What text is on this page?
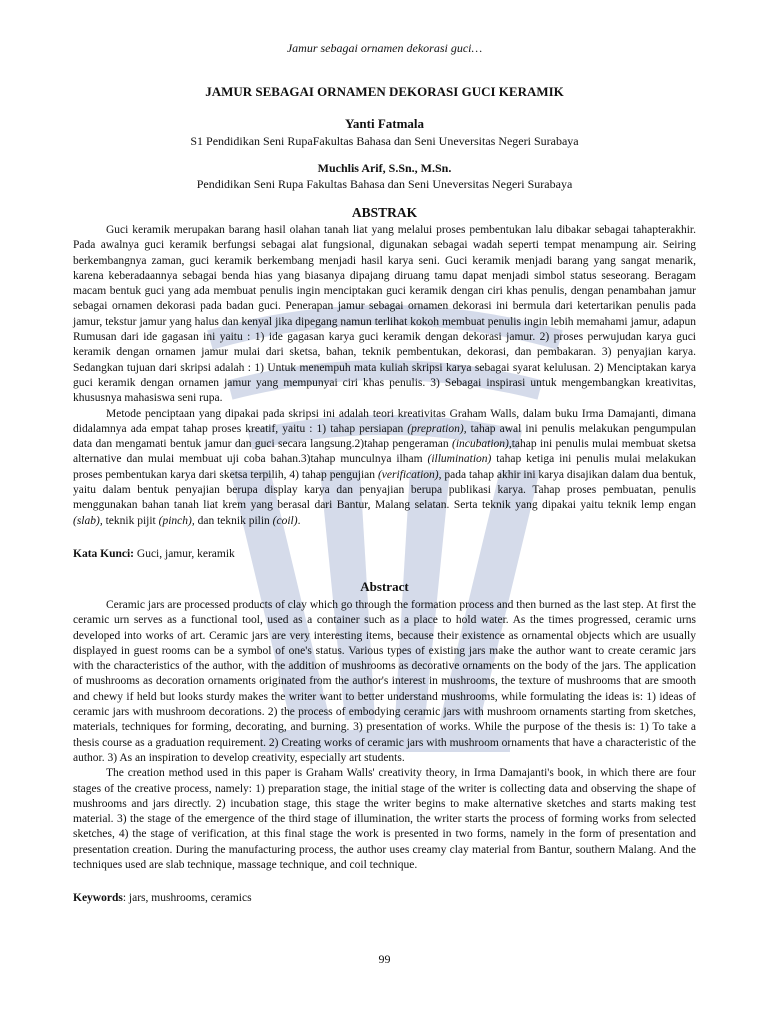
Jamur sebagai ornamen dekorasi guci…
JAMUR SEBAGAI ORNAMEN DEKORASI GUCI KERAMIK
Yanti Fatmala
S1 Pendidikan Seni RupaFakultas Bahasa dan Seni Uneversitas Negeri Surabaya
Muchlis Arif, S.Sn., M.Sn.
Pendidikan Seni Rupa Fakultas Bahasa dan Seni Uneversitas Negeri Surabaya
ABSTRAK

Guci keramik merupakan barang hasil olahan tanah liat yang melalui proses pembentukan lalu dibakar sebagai tahapterakhir. Pada awalnya guci keramik berfungsi sebagai alat fungsional, digunakan sebagai wadah seperti tempat menampung air. Seiring berkembangnya zaman, guci keramik berkembang menjadi hasil karya seni. Guci keramik menjadi barang yang sangat menarik, karena keberadaannya sebagai benda hias yang biasanya dipajang diruang tamu dapat menjadi simbol status seseorang. Beragam macam bentuk guci yang ada membuat penulis ingin menciptakan guci keramik dengan ciri khas penulis, dengan penambahan jamur sebagai ornamen dekorasi pada badan guci. Penerapan jamur sebagai ornamen dekorasi ini bermula dari ketertarikan penulis pada jamur, tekstur jamur yang halus dan kenyal jika dipegang namun terlihat kokoh membuat penulis ingin lebih memahami jamur, adapun Rumusan dari ide gagasan ini yaitu : 1) ide gagasan karya guci keramik dengan dekorasi jamur. 2) proses perwujudan karya guci keramik dengan ornamen jamur mulai dari sketsa, bahan, teknik pembentukan, dekorasi, dan pembakaran. 3) penyajian karya. Sedangkan tujuan dari skripsi adalah : 1) Untuk menempuh mata kuliah skripsi karya sebagai syarat kelulusan. 2) Menciptakan karya guci keramik dengan ornamen jamur yang mempunyai ciri khas penulis. 3) Sebagai inspirasi untuk mengembangkan kreativitas, khususnya mahasiswa seni rupa.

Metode penciptaan yang dipakai pada skripsi ini adalah teori kreativitas Graham Walls, dalam buku Irma Damajanti, dimana didalamnya ada empat tahap proses kreatif, yaitu : 1) tahap persiapan (prepration), tahap awal ini penulis melakukan pengumpulan data dan mengamati bentuk jamur dan guci secara langsung.2)tahap pengeraman (incubation),tahap ini penulis mulai membuat sketsa alternative dan mulai membuat uji coba bahan.3)tahap munculnya ilham (illumination) tahap ketiga ini penulis mulai melakukan proses pembentukan karya dari sketsa terpilih, 4) tahap pengujian (verification), pada tahap akhir ini karya disajikan dalam dua bentuk, yaitu dalam bentuk penyajian berupa display karya dan penyajian berupa publikasi karya. Tahap proses pembuatan, penulis menggunakan bahan tanah liat krem yang berasal dari Bantur, Malang selatan. Serta teknik yang dipakai yaitu teknik lemp engan (slab), teknik pijit (pinch), dan teknik pilin (coil).

Kata Kunci: Guci, jamur, keramik
Abstract

Ceramic jars are processed products of clay which go through the formation process and then burned as the last step. At first the ceramic urn serves as a functional tool, used as a container such as a place to hold water. As the times progressed, ceramic urns developed into works of art. Ceramic jars are very interesting items, because their existence as ornamental objects which are usually displayed in guest rooms can be a symbol of one's status. Various types of existing jars make the author want to create ceramic jars with the characteristics of the author, with the addition of mushrooms as decorative ornaments on the body of the jars. The application of mushrooms as decoration ornaments originated from the author's interest in mushrooms, the texture of mushrooms that are smooth and chewy if held but looks sturdy makes the writer want to better understand mushrooms, while formulating the ideas is: 1) ideas of ceramic jars with mushroom decorations. 2) the process of embodying ceramic jars with mushroom ornaments starting from sketches, materials, techniques for forming, decorating, and burning. 3) presentation of works. While the purpose of the thesis is: 1) To take a thesis course as a graduation requirement. 2) Creating works of ceramic jars with mushroom ornaments that have a characteristic of the author. 3) As an inspiration to develop creativity, especially art students.

The creation method used in this paper is Graham Walls' creativity theory, in Irma Damajanti's book, in which there are four stages of the creative process, namely: 1) preparation stage, the initial stage of the writer is collecting data and observing the shape of mushrooms and jars directly. 2) incubation stage, this stage the writer begins to make alternative sketches and starts making test material. 3) the stage of the emergence of the third stage of illumination, the writer starts the process of forming works from selected sketches, 4) the stage of verification, at this final stage the work is presented in two forms, namely in the form of presentation and presentation creation. During the manufacturing process, the author uses creamy clay material from Bantur, southern Malang. And the techniques used are slab technique, massage technique, and coil technique.

Keywords: jars, mushrooms, ceramics
99
